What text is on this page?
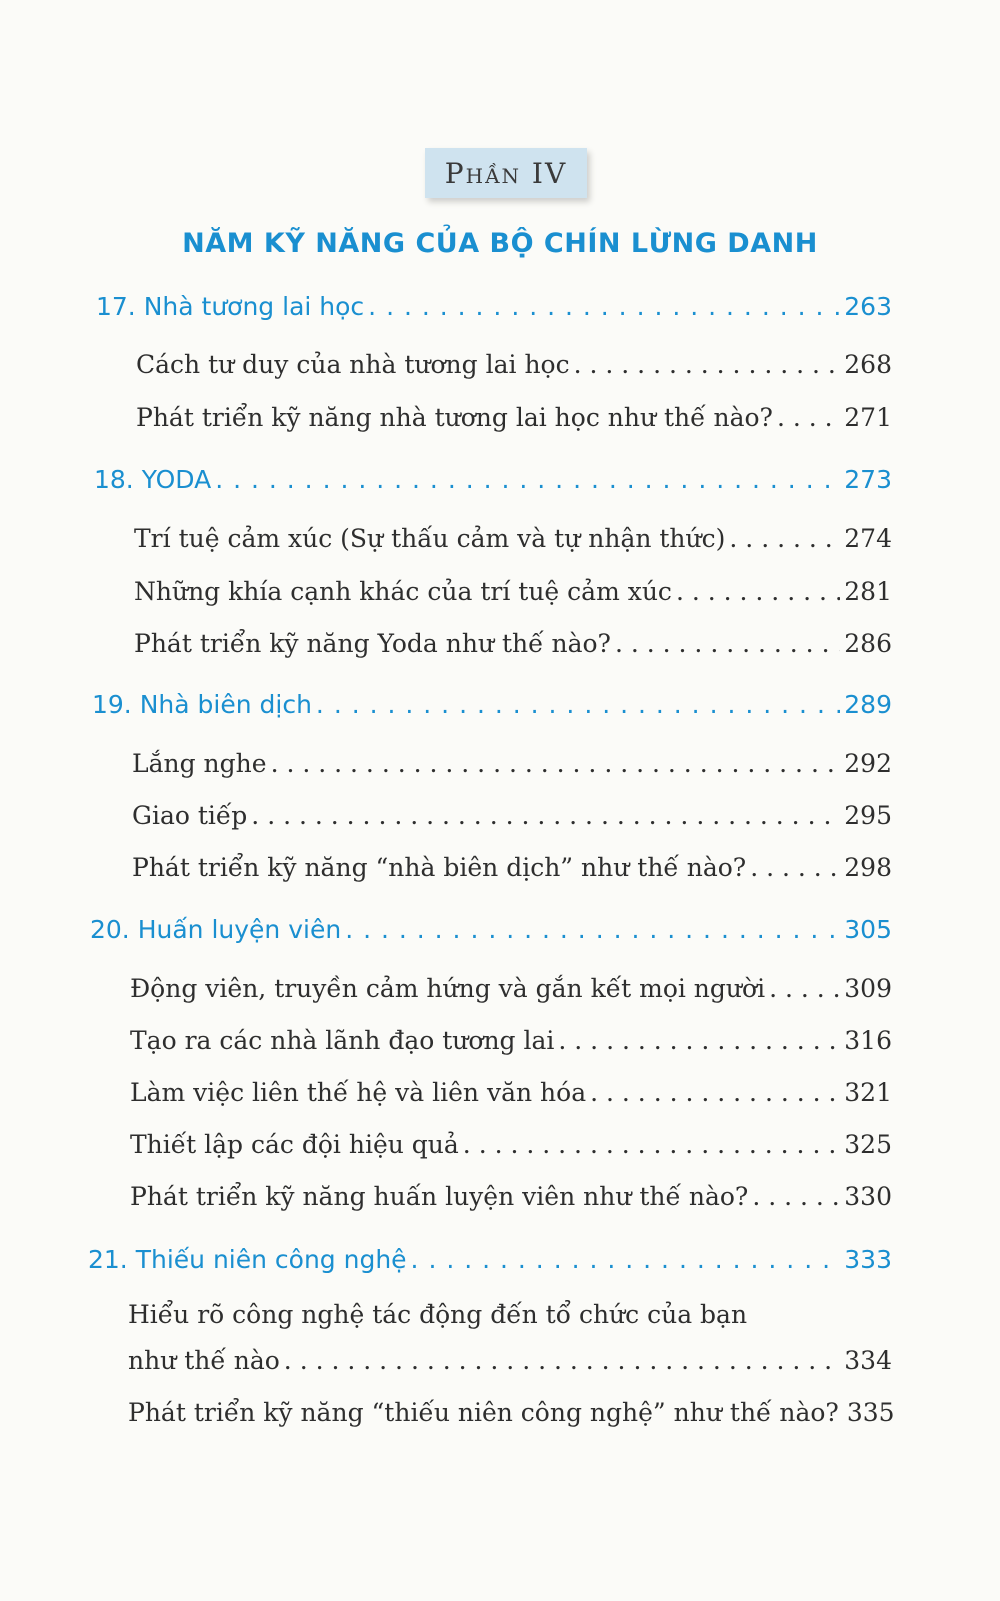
Phần IV
NĂM KỸ NĂNG CỦA BỘ CHÍN LỪNG DANH
17. Nhà tương lai học . . .	263
Cách tư duy của nhà tương lai học . . .	268
Phát triển kỹ năng nhà tương lai học như thế nào? . . .	271
18. YODA . . .	273
Trí tuệ cảm xúc (Sự thấu cảm và tự nhận thức) . . .	274
Những khía cạnh khác của trí tuệ cảm xúc . . .	281
Phát triển kỹ năng Yoda như thế nào? . . .	286
19. Nhà biên dịch . . .	289
Lắng nghe . . .	292
Giao tiếp . . .	295
Phát triển kỹ năng “nhà biên dịch” như thế nào? . . .	298
20. Huấn luyện viên . . .	305
Động viên, truyền cảm hứng và gắn kết mọi người . . .	309
Tạo ra các nhà lãnh đạo tương lai . . .	316
Làm việc liên thế hệ và liên văn hóa . . .	321
Thiết lập các đội hiệu quả . . .	325
Phát triển kỹ năng huấn luyện viên như thế nào? . . .	330
21. Thiếu niên công nghệ . . .	333
Hiểu rõ công nghệ tác động đến tổ chức của bạn
như thế nào . . .	334
Phát triển kỹ năng “thiếu niên công nghệ” như thế nào? 335
